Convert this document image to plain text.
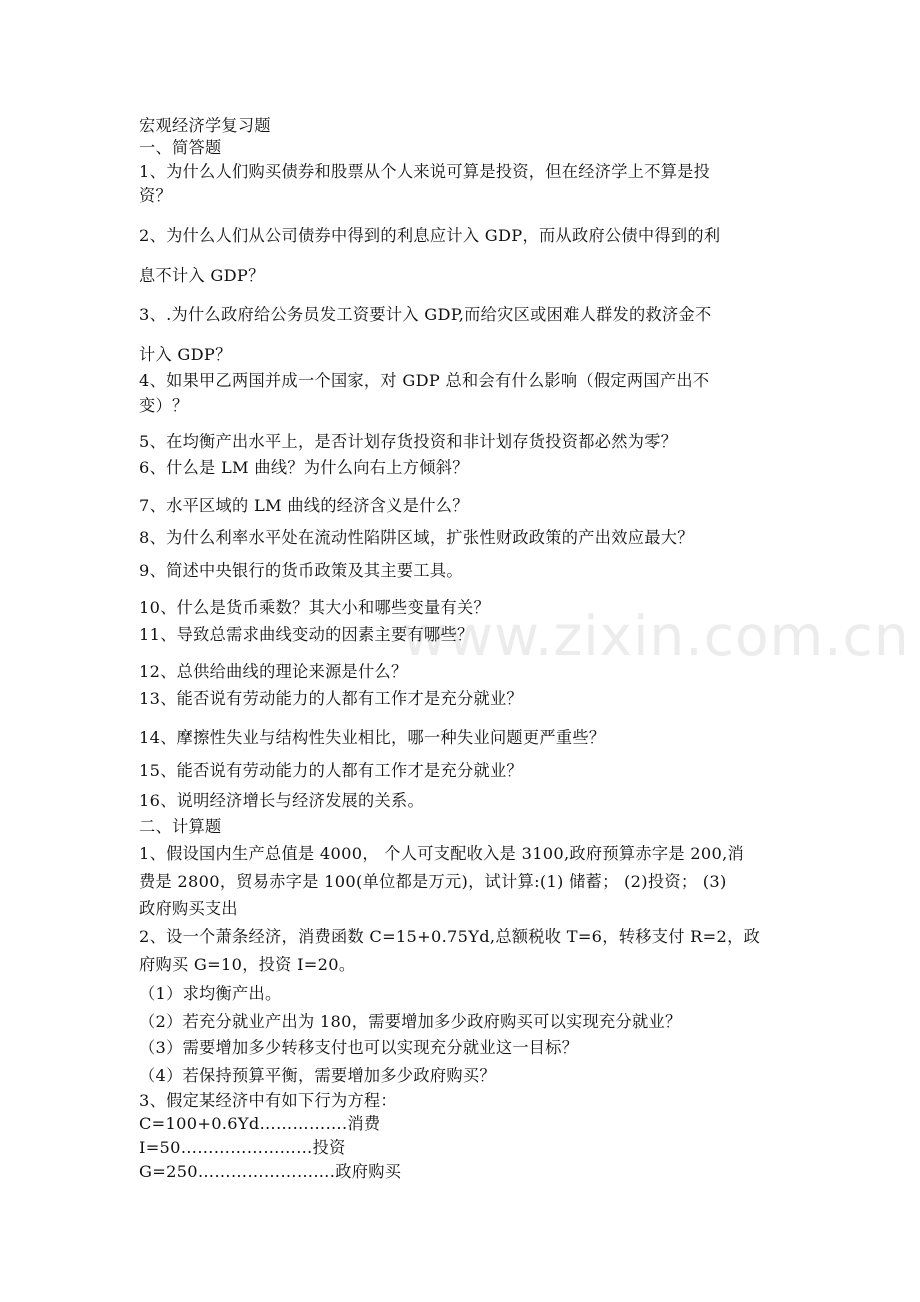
www.zixin.com.cn
宏观经济学复习题
一、简答题
1、为什么人们购买债券和股票从个人来说可算是投资，但在经济学上不算是投
资？
2、为什么人们从公司债券中得到的利息应计入 GDP，而从政府公债中得到的利
息不计入 GDP？
3、.为什么政府给公务员发工资要计入 GDP,而给灾区或困难人群发的救济金不
计入 GDP？
4、如果甲乙两国并成一个国家，对 GDP 总和会有什么影响（假定两国产出不
变）？
5、在均衡产出水平上，是否计划存货投资和非计划存货投资都必然为零？
6、什么是 LM 曲线？为什么向右上方倾斜？
7、水平区域的 LM 曲线的经济含义是什么？
8、为什么利率水平处在流动性陷阱区域，扩张性财政政策的产出效应最大？
9、简述中央银行的货币政策及其主要工具。
10、什么是货币乘数？其大小和哪些变量有关？
11、导致总需求曲线变动的因素主要有哪些？
12、总供给曲线的理论来源是什么？
13、能否说有劳动能力的人都有工作才是充分就业？
14、摩擦性失业与结构性失业相比，哪一种失业问题更严重些？
15、能否说有劳动能力的人都有工作才是充分就业？
16、说明经济增长与经济发展的关系。
二、计算题
1、假设国内生产总值是 4000， 个人可支配收入是 3100,政府预算赤字是 200,消
费是 2800，贸易赤字是 100(单位都是万元)，试计算:(1) 储蓄； (2)投资； (3)
政府购买支出
2、设一个萧条经济，消费函数 C=15+0.75Yd,总额税收 T=6，转移支付 R=2，政
府购买 G=10，投资 I=20。
（1）求均衡产出。
（2）若充分就业产出为 180，需要增加多少政府购买可以实现充分就业？
（3）需要增加多少转移支付也可以实现充分就业这一目标？
（4）若保持预算平衡，需要增加多少政府购买？
3、假定某经济中有如下行为方程：
C=100+0.6Yd…………….消费
I=50……………………投资
G=250…………………….政府购买
